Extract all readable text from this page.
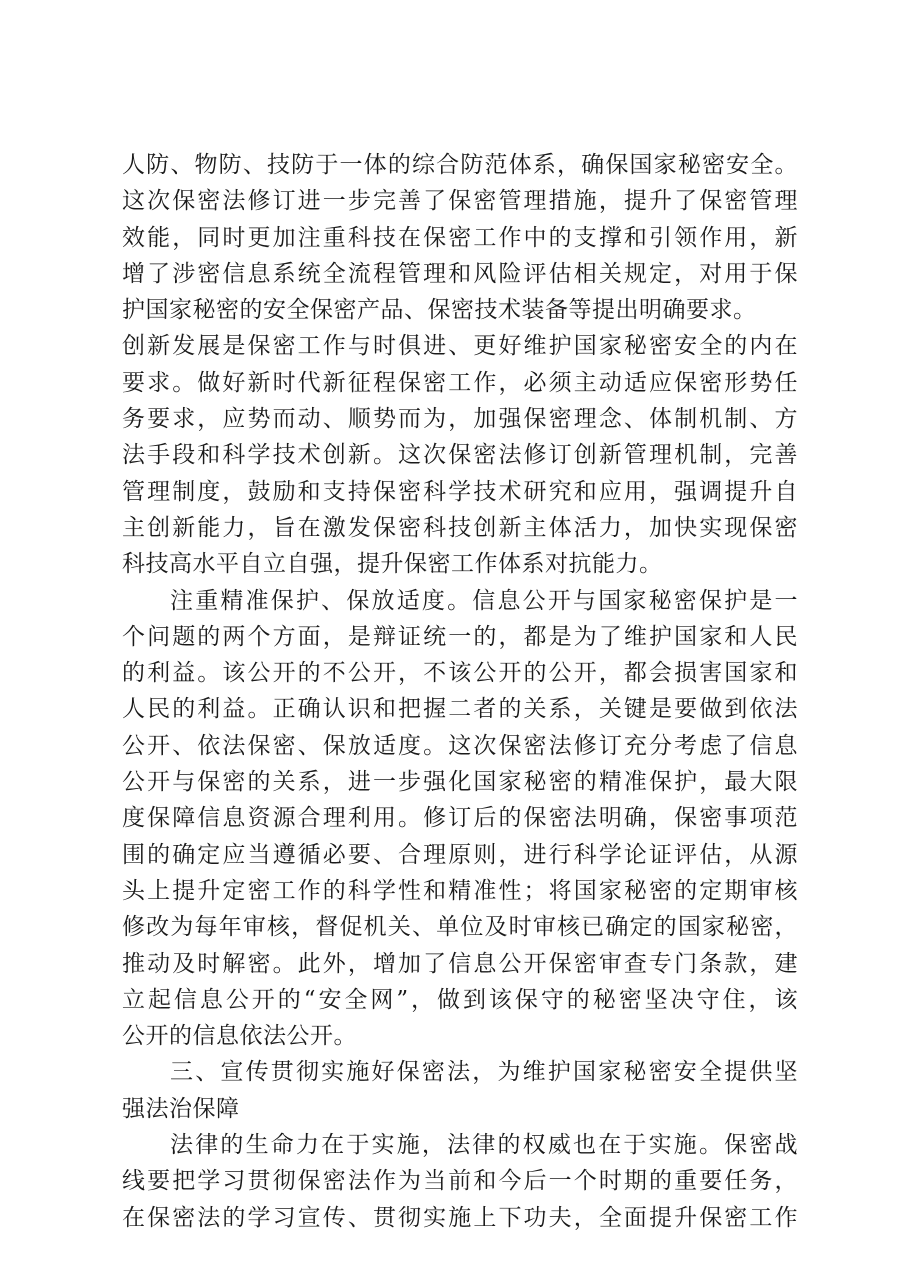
人防、物防、技防于一体的综合防范体系，确保国家秘密安全。
这次保密法修订进一步完善了保密管理措施，提升了保密管理
效能，同时更加注重科技在保密工作中的支撑和引领作用，新
增了涉密信息系统全流程管理和风险评估相关规定，对用于保
护国家秘密的安全保密产品、保密技术装备等提出明确要求。
创新发展是保密工作与时俱进、更好维护国家秘密安全的内在
要求。做好新时代新征程保密工作，必须主动适应保密形势任
务要求，应势而动、顺势而为，加强保密理念、体制机制、方
法手段和科学技术创新。这次保密法修订创新管理机制，完善
管理制度，鼓励和支持保密科学技术研究和应用，强调提升自
主创新能力，旨在激发保密科技创新主体活力，加快实现保密
科技高水平自立自强，提升保密工作体系对抗能力。
注重精准保护、保放适度。信息公开与国家秘密保护是一
个问题的两个方面，是辩证统一的，都是为了维护国家和人民
的利益。该公开的不公开，不该公开的公开，都会损害国家和
人民的利益。正确认识和把握二者的关系，关键是要做到依法
公开、依法保密、保放适度。这次保密法修订充分考虑了信息
公开与保密的关系，进一步强化国家秘密的精准保护，最大限
度保障信息资源合理利用。修订后的保密法明确，保密事项范
围的确定应当遵循必要、合理原则，进行科学论证评估，从源
头上提升定密工作的科学性和精准性；将国家秘密的定期审核
修改为每年审核，督促机关、单位及时审核已确定的国家秘密，
推动及时解密。此外，增加了信息公开保密审查专门条款，建
立起信息公开的“安全网”，做到该保守的秘密坚决守住，该
公开的信息依法公开。
三、宣传贯彻实施好保密法，为维护国家秘密安全提供坚
强法治保障
法律的生命力在于实施，法律的权威也在于实施。保密战
线要把学习贯彻保密法作为当前和今后一个时期的重要任务，
在保密法的学习宣传、贯彻实施上下功夫，全面提升保密工作
